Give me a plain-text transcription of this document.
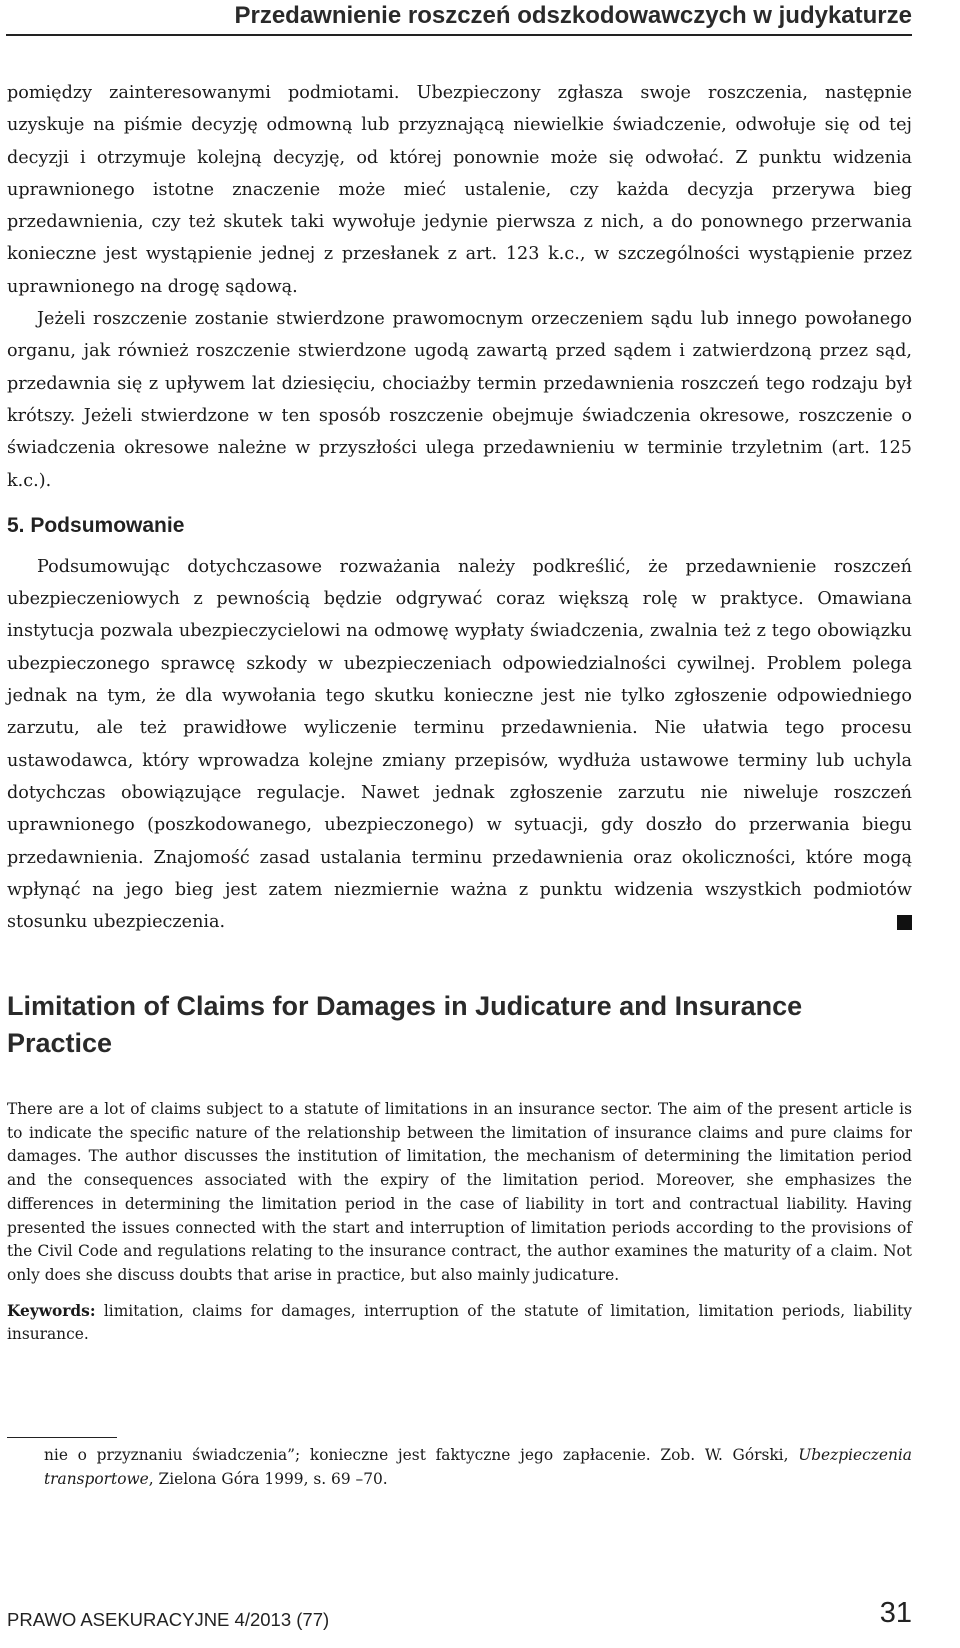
Przedawnienie roszczeń odszkodowawczych w judykaturze

pomiędzy zainteresowanymi podmiotami. Ubezpieczony zgłasza swoje roszczenia, następnie uzyskuje na piśmie decyzję odmowną lub przyznającą niewielkie świadczenie, odwołuje się od tej decyzji i otrzymuje kolejną decyzję, od której ponownie może się odwołać. Z punktu widzenia uprawnionego istotne znaczenie może mieć ustalenie, czy każda decyzja przerywa bieg przedawnienia, czy też skutek taki wywołuje jedynie pierwsza z nich, a do ponownego przerwania konieczne jest wystąpienie jednej z przesłanek z art. 123 k.c., w szczególności wystąpienie przez uprawnionego na drogę sądową.

Jeżeli roszczenie zostanie stwierdzone prawomocnym orzeczeniem sądu lub innego powołanego organu, jak również roszczenie stwierdzone ugodą zawartą przed sądem i zatwierdzoną przez sąd, przedawnia się z upływem lat dziesięciu, chociażby termin przedawnienia roszczeń tego rodzaju był krótszy. Jeżeli stwierdzone w ten sposób roszczenie obejmuje świadczenia okresowe, roszczenie o świadczenia okresowe należne w przyszłości ulega przedawnieniu w terminie trzyletnim (art. 125 k.c.).

5. Podsumowanie

Podsumowując dotychczasowe rozważania należy podkreślić, że przedawnienie roszczeń ubezpieczeniowych z pewnością będzie odgrywać coraz większą rolę w praktyce. Omawiana instytucja pozwala ubezpieczycielowi na odmowę wypłaty świadczenia, zwalnia też z tego obowiązku ubezpieczonego sprawcę szkody w ubezpieczeniach odpowiedzialności cywilnej. Problem polega jednak na tym, że dla wywołania tego skutku konieczne jest nie tylko zgłoszenie odpowiedniego zarzutu, ale też prawidłowe wyliczenie terminu przedawnienia. Nie ułatwia tego procesu ustawodawca, który wprowadza kolejne zmiany przepisów, wydłuża ustawowe terminy lub uchyla dotychczas obowiązujące regulacje. Nawet jednak zgłoszenie zarzutu nie niweluje roszczeń uprawnionego (poszkodowanego, ubezpieczonego) w sytuacji, gdy doszło do przerwania biegu przedawnienia. Znajomość zasad ustalania terminu przedawnienia oraz okoliczności, które mogą wpłynąć na jego bieg jest zatem niezmiernie ważna z punktu widzenia wszystkich podmiotów stosunku ubezpieczenia.

Limitation of Claims for Damages in Judicature and Insurance Practice

There are a lot of claims subject to a statute of limitations in an insurance sector. The aim of the present article is to indicate the specific nature of the relationship between the limitation of insurance claims and pure claims for damages. The author discusses the institution of limitation, the mechanism of determining the limitation period and the consequences associated with the expiry of the limitation period. Moreover, she emphasizes the differences in determining the limitation period in the case of liability in tort and contractual liability. Having presented the issues connected with the start and interruption of limitation periods according to the provisions of the Civil Code and regulations relating to the insurance contract, the author examines the maturity of a claim. Not only does she discuss doubts that arise in practice, but also mainly judicature.

Keywords: limitation, claims for damages, interruption of the statute of limitation, limitation periods, liability insurance.

nie o przyznaniu świadczenia”; konieczne jest faktyczne jego zapłacenie. Zob. W. Górski, Ubezpieczenia transportowe, Zielona Góra 1999, s. 69 –70.

PRAWO ASEKURACYJNE 4/2013 (77)	31
